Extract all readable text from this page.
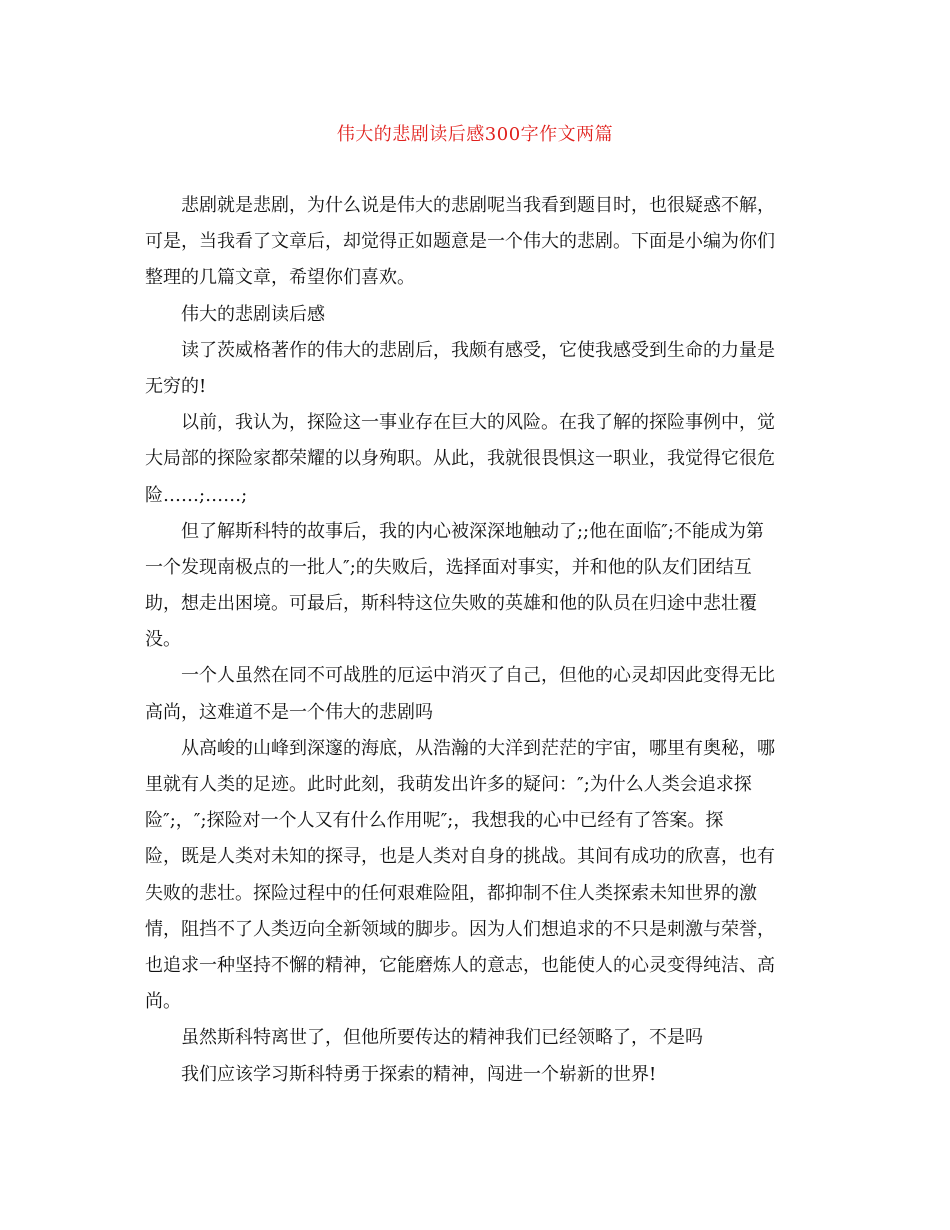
伟大的悲剧读后感300字作文两篇
悲剧就是悲剧，为什么说是伟大的悲剧呢当我看到题目时，也很疑惑不解，
可是，当我看了文章后，却觉得正如题意是一个伟大的悲剧。下面是小编为你们
整理的几篇文章，希望你们喜欢。
伟大的悲剧读后感
读了茨威格著作的伟大的悲剧后，我颇有感受，它使我感受到生命的力量是
无穷的!
以前，我认为，探险这一事业存在巨大的风险。在我了解的探险事例中，觉
大局部的探险家都荣耀的以身殉职。从此，我就很畏惧这一职业，我觉得它很危
险……;……;
但了解斯科特的故事后，我的内心被深深地触动了;;他在面临″;不能成为第
一个发现南极点的一批人″;的失败后，选择面对事实，并和他的队友们团结互
助，想走出困境。可最后，斯科特这位失败的英雄和他的队员在归途中悲壮覆
没。
一个人虽然在同不可战胜的厄运中消灭了自己，但他的心灵却因此变得无比
高尚，这难道不是一个伟大的悲剧吗
从高峻的山峰到深邃的海底，从浩瀚的大洋到茫茫的宇宙，哪里有奥秘，哪
里就有人类的足迹。此时此刻，我萌发出许多的疑问：″;为什么人类会追求探
险″;，″;探险对一个人又有什么作用呢″;，我想我的心中已经有了答案。探
险，既是人类对未知的探寻，也是人类对自身的挑战。其间有成功的欣喜，也有
失败的悲壮。探险过程中的任何艰难险阻，都抑制不住人类探索未知世界的激
情，阻挡不了人类迈向全新领域的脚步。因为人们想追求的不只是刺激与荣誉，
也追求一种坚持不懈的精神，它能磨炼人的意志，也能使人的心灵变得纯洁、高
尚。
虽然斯科特离世了，但他所要传达的精神我们已经领略了，不是吗
我们应该学习斯科特勇于探索的精神，闯进一个崭新的世界!
